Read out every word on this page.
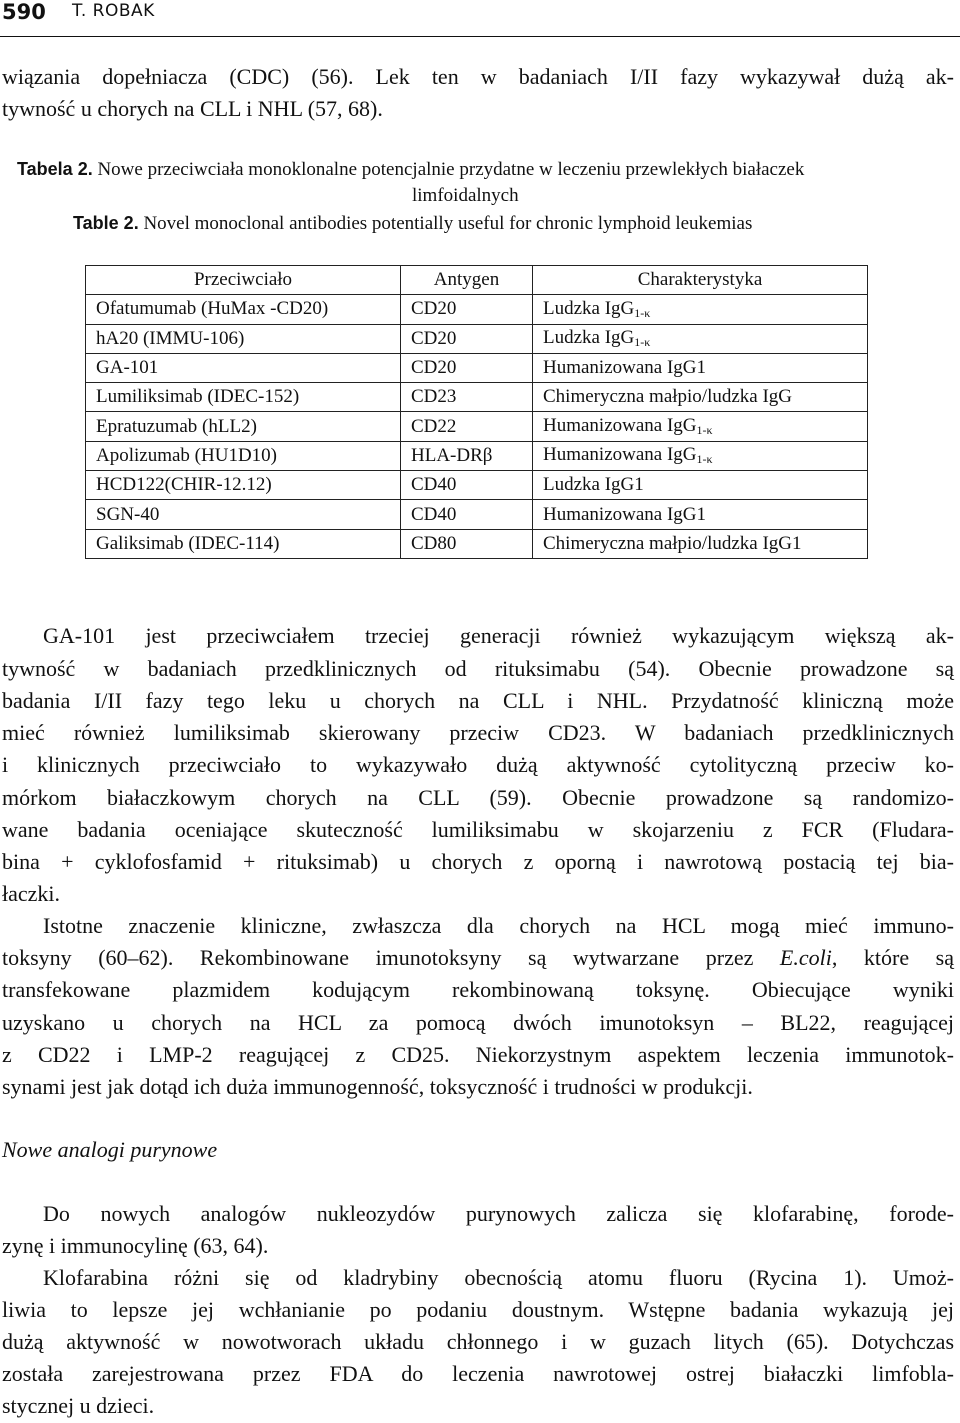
590 T. ROBAK
wiązania dopełniacza (CDC) (56). Lek ten w badaniach I/II fazy wykazywał dużą ak-
tywność u chorych na CLL i NHL (57, 68).
Tabela 2. Nowe przeciwciała monoklonalne potencjalnie przydatne w leczeniu przewlekłych białaczek
limfoidalnych
Table 2. Novel monoclonal antibodies potentially useful for chronic lymphoid leukemias
Przeciwciało	Antygen	Charakterystyka
Ofatumumab (HuMax -CD20)	CD20	Ludzka IgG$_{1-\kappa}$
hA20 (IMMU-106)	CD20	Ludzka IgG$_{1-\kappa}$
GA-101	CD20	Humanizowana IgG1
Lumiliksimab (IDEC-152)	CD23	Chimeryczna małpio/ludzka IgG
Epratuzumab (hLL2)	CD22	Humanizowana IgG$_{1-\kappa}$
Apolizumab (HU1D10)	HLA-DRβ	Humanizowana IgG$_{1-\kappa}$
HCD122(CHIR-12.12)	CD40	Ludzka IgG1
SGN-40	CD40	Humanizowana IgG1
Galiksimab (IDEC-114)	CD80	Chimeryczna małpio/ludzka IgG1
GA-101 jest przeciwciałem trzeciej generacji również wykazującym większą ak-
tywność w badaniach przedklinicznych od rituksimabu (54). Obecnie prowadzone są
badania I/II fazy tego leku u chorych na CLL i NHL. Przydatność kliniczną może
mieć również lumiliksimab skierowany przeciw CD23. W badaniach przedklinicznych
i klinicznych przeciwciało to wykazywało dużą aktywność cytolityczną przeciw ko-
mórkom białaczkowym chorych na CLL (59). Obecnie prowadzone są randomizo-
wane badania oceniające skuteczność lumiliksimabu w skojarzeniu z FCR (Fludara-
bina + cyklofosfamid + rituksimab) u chorych z oporną i nawrotową postacią tej bia-
łaczki.
Istotne znaczenie kliniczne, zwłaszcza dla chorych na HCL mogą mieć immuno-
toksyny (60–62). Rekombinowane imunotoksyny są wytwarzane przez E.coli, które są
transfekowane plazmidem kodującym rekombinowaną toksynę. Obiecujące wyniki
uzyskano u chorych na HCL za pomocą dwóch imunotoksyn – BL22, reagującej
z CD22 i LMP-2 reagującej z CD25. Niekorzystnym aspektem leczenia immunotok-
synami jest jak dotąd ich duża immunogenność, toksyczność i trudności w produkcji.
Nowe analogi purynowe
Do nowych analogów nukleozydów purynowych zalicza się klofarabinę, forode-
zynę i immunocylinę (63, 64).
Klofarabina różni się od kladrybiny obecnością atomu fluoru (Rycina 1). Umoż-
liwia to lepsze jej wchłanianie po podaniu doustnym. Wstępne badania wykazują jej
dużą aktywność w nowotworach układu chłonnego i w guzach litych (65). Dotychczas
została zarejestrowana przez FDA do leczenia nawrotowej ostrej białaczki limfobla-
stycznej u dzieci.
